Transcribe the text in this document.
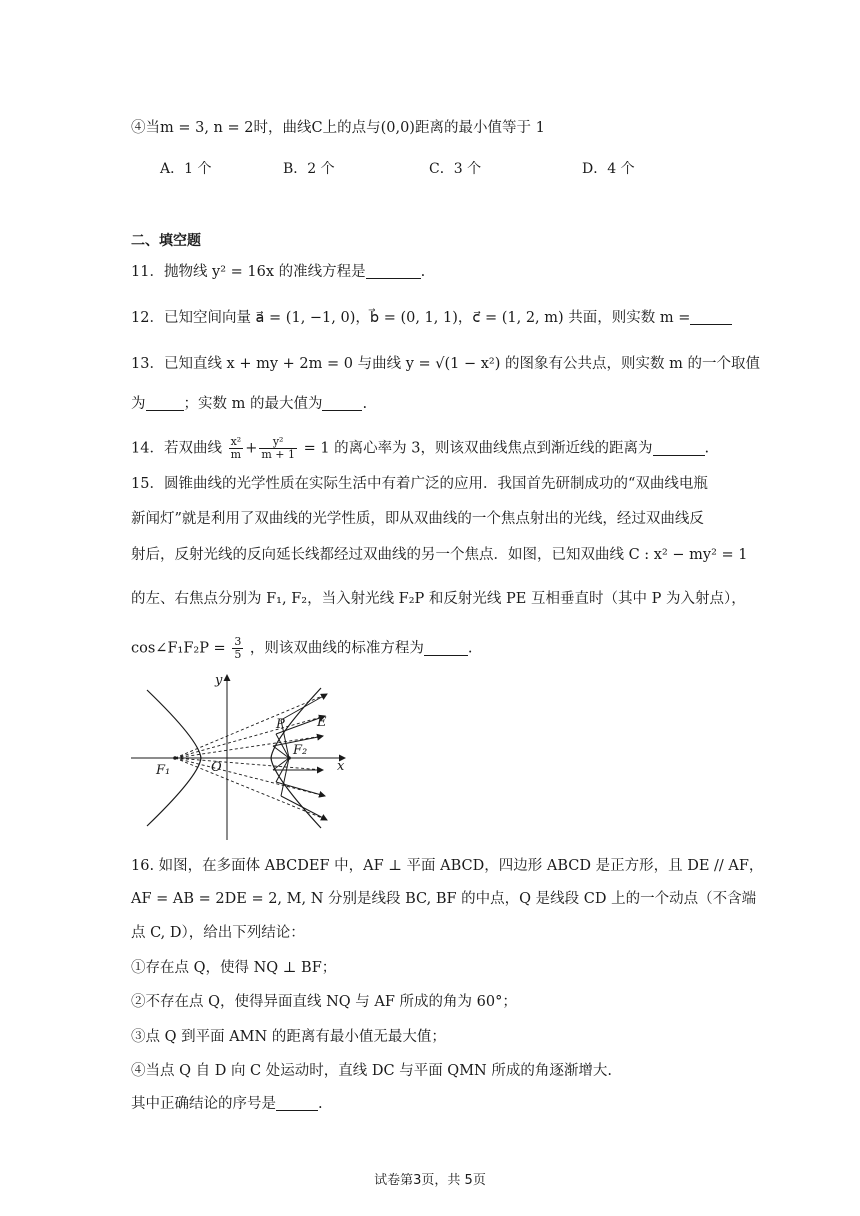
④当m = 3, n = 2时，曲线C上的点与(0,0)距离的最小值等于 1
A．1 个	B．2 个	C．3 个	D．4 个
二、填空题
11．抛物线 y² = 16x 的准线方程是	.
12．已知空间向量 a⃗ = (1, −1, 0)，b⃗ = (0, 1, 1)，c⃗ = (1, 2, m) 共面，则实数 m =
13．已知直线 x + my + 2m = 0 与曲线 y = √(1 − x²) 的图象有公共点，则实数 m 的一个取值
为	；实数 m 的最大值为	.
14．若双曲线 $\frac{\text{x²}}{m} + \frac{\text{y²}}{m + 1} = 1$ 的离心率为 3，则该双曲线焦点到渐近线的距离为	.
15．圆锥曲线的光学性质在实际生活中有着广泛的应用．我国首先研制成功的“双曲线电瓶
新闻灯”就是利用了双曲线的光学性质，即从双曲线的一个焦点射出的光线，经过双曲线反
射后，反射光线的反向延长线都经过双曲线的另一个焦点．如图，已知双曲线 C : x² − my² = 1
的左、右焦点分别为 F₁, F₂，当入射光线 F₂P 和反射光线 PE 互相垂直时（其中 P 为入射点），
cos∠F₁F₂P = $\frac{3}{5}$ ，则该双曲线的标准方程为	.
y
x
O
F₁
F₂
P E
16. 如图，在多面体 ABCDEF 中，AF ⊥ 平面 ABCD，四边形 ABCD 是正方形，且 DE // AF，
AF = AB = 2DE = 2, M, N 分别是线段 BC, BF 的中点，Q 是线段 CD 上的一个动点（不含端
点 C, D），给出下列结论：
①存在点 Q，使得 NQ ⊥ BF；
②不存在点 Q，使得异面直线 NQ 与 AF 所成的角为 60°；
③点 Q 到平面 AMN 的距离有最小值无最大值；
④当点 Q 自 D 向 C 处运动时，直线 DC 与平面 QMN 所成的角逐渐增大.
其中正确结论的序号是	.
试卷第3页，共 5页
